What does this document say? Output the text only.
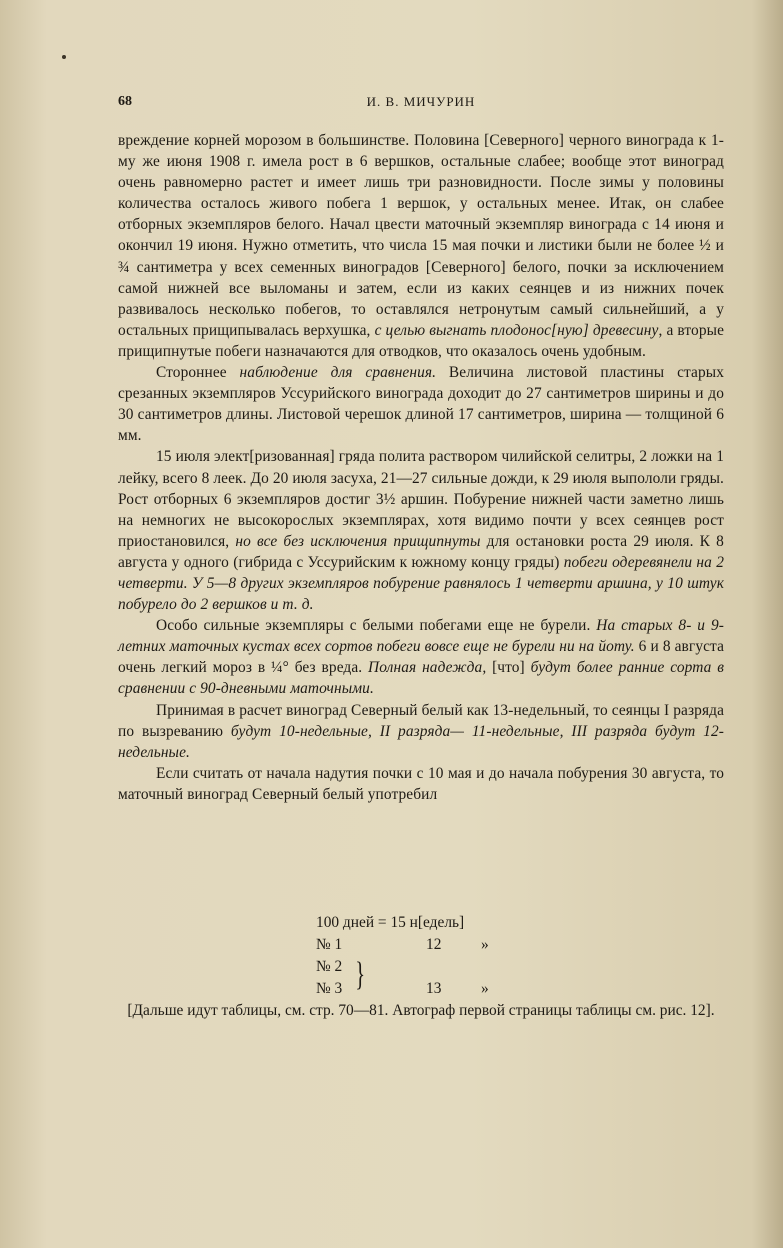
68	И. В. МИЧУРИН

вреждение корней морозом в большинстве. Половина [Северного] черного винограда к 1-му же июня 1908 г. имела рост в 6 вершков, остальные слабее; вообще этот виноград очень равномерно растет и имеет лишь три разновидности. После зимы у половины количества осталось живого побега 1 вершок, у остальных менее. Итак, он слабее отборных экземпляров белого. Начал цвести маточный экземпляр винограда с 14 июня и окончил 19 июня. Нужно отметить, что числа 15 мая почки и листики были не более ½ и ¾ сантиметра у всех семенных виноградов [Северного] белого, почки за исключением самой нижней все выломаны и затем, если из каких сеянцев и из нижних почек развивалось несколько побегов, то оставлялся нетронутым самый сильнейший, а у остальных прищипывалась верхушка, с целью выгнать плодонос[ную] древесину, а вторые прищипнутые побеги назначаются для отводков, что оказалось очень удобным.

Стороннее наблюдение для сравнения. Величина листовой пластины старых срезанных экземпляров Уссурийского винограда доходит до 27 сантиметров ширины и до 30 сантиметров длины. Листовой черешок длиной 17 сантиметров, ширина — толщиной 6 мм.

15 июля элект[ризованная] гряда полита раствором чилийской селитры, 2 ложки на 1 лейку, всего 8 леек. До 20 июля засуха, 21—27 сильные дожди, к 29 июля выпололи гряды. Рост отборных 6 экземпляров достиг 3½ аршин. Побурение нижней части заметно лишь на немногих не высокорослых экземплярах, хотя видимо почти у всех сеянцев рост приостановился, но все без исключения прищипнуты для остановки роста 29 июля. К 8 августа у одного (гибрида с Уссурийским к южному концу гряды) побеги одеревянели на 2 четверти. У 5—8 других экземпляров побурение равнялось 1 четверти аршина, у 10 штук побурело до 2 вершков и т. д.

Особо сильные экземпляры с белыми побегами еще не бурели. На старых 8- и 9-летних маточных кустах всех сортов побеги вовсе еще не бурели ни на йоту. 6 и 8 августа очень легкий мороз в ¼° без вреда. Полная надежда, [что] будут более ранние сорта в сравнении с 90-дневными маточными.

Принимая в расчет виноград Северный белый как 13-недельный, то сеянцы I разряда по вызреванию будут 10-недельные, II разряда— 11-недельные, III разряда будут 12-недельные.

Если считать от начала надутия почки с 10 мая и до начала побурения 30 августа, то маточный виноград Северный белый употребил

100 дней = 15 н[едель]
№ 1	12	»
№ 2
№ 3	13	»
}
[Дальше идут таблицы, см. стр. 70—81. Автограф первой страницы таблицы см. рис. 12].
